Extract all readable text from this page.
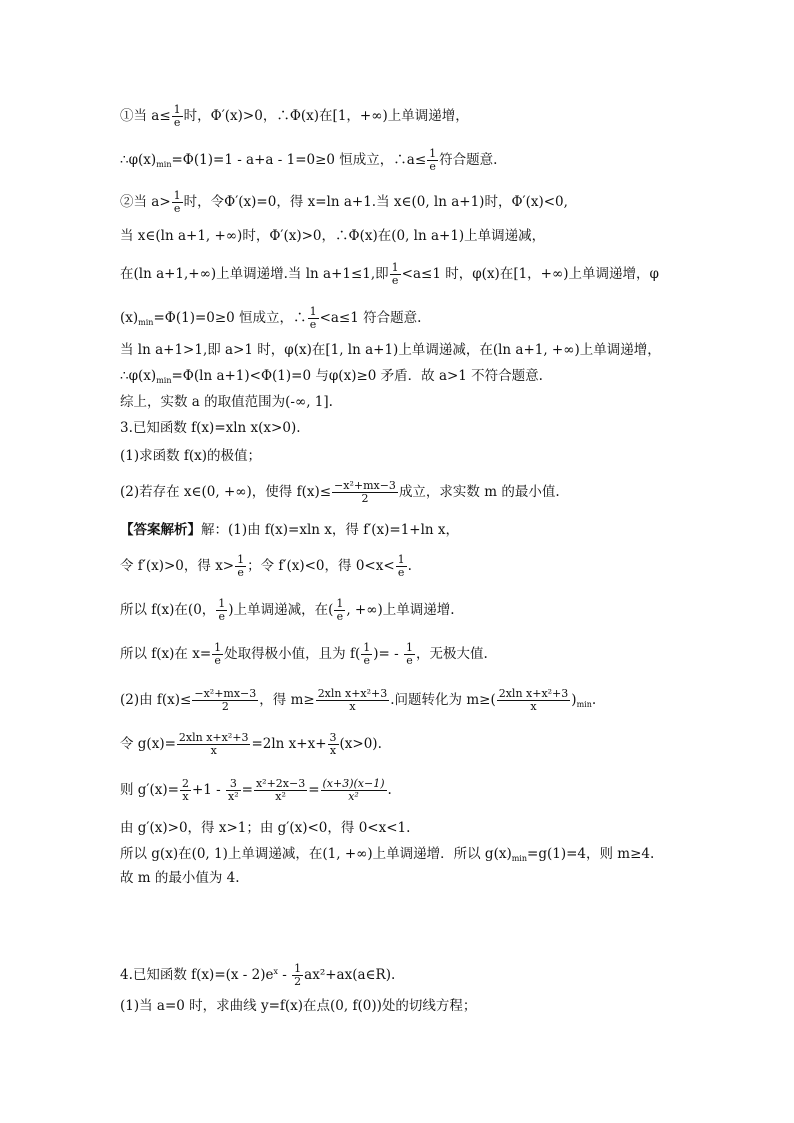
①当 $a\le \frac{1}{e}$ 时，Φ′(x)>0，∴Φ(x)在[1，+∞)上单调递增，
$\therefore\varphi(x)_{min}=\Phi(1)=1 - a+a - 1=0\ge 0$ 恒成立，∴a≤ $\frac{1}{e}$ 符合题意.
②当 $a> \frac{1}{e}$ 时，令Φ′(x)=0，得 x=ln a+1.当 x∈(0, ln a+1)时，Φ′(x)<0,
当 x∈(ln a+1, +∞)时，Φ′(x)>0，∴Φ(x)在(0, ln a+1)上单调递减，
在(ln a+1,+∞)上单调递增.当 ln a+1≤1,即 $\frac{1}{e} <a\le 1$ 时，φ(x)在[1，+∞)上单调递增，φ
$(x)_{min}=\Phi(1)=0\ge 0$ 恒成立，∴ $\frac{1}{e} <a\le 1$ 符合题意.
当 ln a+1>1,即 a>1 时，φ(x)在[1, ln a+1)上单调递减，在(ln a+1, +∞)上单调递增，
$\therefore\varphi(x)_{min}=\Phi(\ln$ a+1)<Φ(1)=0 与φ(x)≥0 矛盾．故 a>1 不符合题意.
综上，实数 a 的取值范围为(-∞, 1].
3.已知函数 f(x)=xln x(x>0).
(1)求函数 f(x)的极值；
(2)若存在 x∈(0, +∞)，使得 $f(x)\le \frac{\text{−x²+mx−3}}{2}$ 成立，求实数 m 的最小值.
【答案解析】解：(1)由 f(x)=xln x，得 f′(x)=1+ln x，
令 f′(x)>0，得 $x> \frac{1}{e}$ ；令 f′(x)<0，得 $0<x< \frac{1}{e}$ .
所以 f(x)在(0， $\frac{1}{e}$ )上单调递减，在( $\frac{1}{e}$ , +∞)上单调递增.
所以 f(x)在 $x= \frac{1}{e}$ 处取得极小值，且为 $f( \frac{1}{e}$ )= - $\frac{1}{e}$ ，无极大值.
(2)由 $f(x)\le \frac{\text{−x²+mx−3}}{2}$ ，得 $m\ge \frac{\text{2xln x+x²+3}}{x}$ .问题转化为 $m\ge( \frac{\text{2xln x+x²+3}}{x} )_{min}$.
令 $g(x)= \frac{\text{2xln x+x²+3}}{x} =2\ln$ $x+x+ \frac{3}{x} (x>0)$.
则 $g'(x)= \frac{2}{x} +1 - \frac{3}{\text{x²}} = \frac{\text{x²+2x−3}}{\text{x²}} = \frac{(x+3)(x-1)}{\text{x²}}$ .
由 g′(x)>0，得 x>1；由 g′(x)<0，得 0<x<1.
所以 g(x)在(0, 1)上单调递减，在(1, +∞)上单调递增．所以 $g(x)_{min}=g(1)=4$，则 m≥4.
故 m 的最小值为 4.
4.已知函数 $f(x)=(x - 2)e^x - \frac{1}{2}$ ax²+ax(a∈R).
(1)当 a=0 时，求曲线 y=f(x)在点(0, f(0))处的切线方程；
